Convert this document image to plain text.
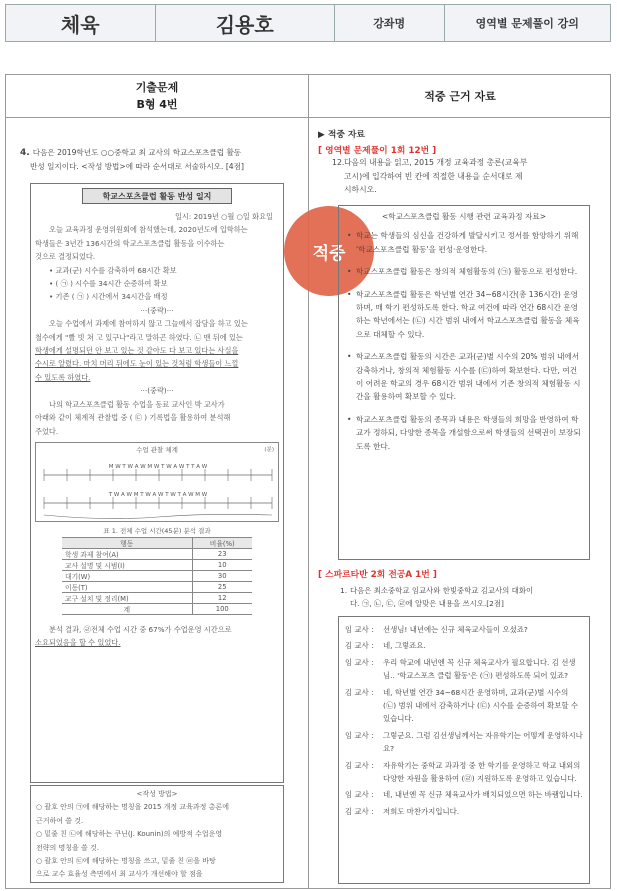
체육	김용호	강좌명	영역별 문제풀이 강의
기출문제
B형 4번
적중 근거 자료
4. 다음은 2019학년도 ○○중학교 최 교사의 학교스포츠클럽 활동
반성 일지이다. <작성 방법>에 따라 순서대로 서술하시오. [4점]
학교스포츠클럽 활동 반성 일지
일시: 2019년 ○월 ○일 화요일
오늘 교육과정 운영위원회에 참석했는데, 2020년도에 입학하는
학생들은 3년간 136시간의 학교스포츠클럽 활동을 이수하는
것으로 결정되었다.
• 교과(군) 시수를 감축하여 68시간 확보
• ( ㉠ ) 시수를 34시간 순증하여 확보
• 기존 ( ㉠ ) 시간에서 34시간을 배정
···(중략)···
오늘 수업에서 과제에 참여하지 않고 그늘에서 잡담을 하고 있는
철수에게 "빨 빗 쳐 고 있구나"라고 말하곤 하였다. ㉡ 맨 뒤에 있는
학생에게 설명되던 안 보고 있는 것 같아도 다 보고 있다는 사실을
수시로 알렸다. 마치 머리 뒤에도 눈이 있는 것처럼 학생들이 느낄
수 있도록 하였다.
···(중략)···
나의 학교스포츠클럽 활동 수업을 동료 교사인 박 교사가
아래와 같이 체계적 관찰법 중 ( ㉢ ) 기록법을 활용하여 분석해
주었다.
수업 관찰 체계	(분)
M W T W A W M W T W A W T T A W
T W A W M T W A W T W T A W M W
표 1. 전체 수업 시간(45분) 분석 결과
행동	비율(%)
학생 과제 참여(A)	23
교사 설명 및 시범(I)	10
대기(W)	30
이동(T)	25
교구 설치 및 정리(M)	12
계	100
분석 결과, ㉣전체 수업 시간 중 67%가 수업운영 시간으로
소요되었음을 할 수 있었다.
<작성 방법>
○ 괄호 안의 ㉠에 해당하는 명칭을 2015 개정 교육과정 총론에
근거하여 쓸 것.
○ 밑줄 친 ㉡에 해당하는 쿠닌(J. Kounin)의 예방적 수업운영
전략의 명칭을 쓸 것.
○ 괄호 안의 ㉢에 해당하는 명칭을 쓰고, 밑줄 친 ㉣을 바탕
으로 교수 효율성 측면에서 최 교사가 개선해야 할 점을
적중
▶ 적중 자료
[ 영역별 문제풀이 1회 12번 ]
12. 다음의 내용을 읽고, 2015 개정 교육과정 총론(교육부
고시)에 입각하여 빈 칸에 적절한 내용을 순서대로 제
시하시오.
<학교스포츠클럽 활동 시행 관련 교육과정 자료>
• 학교는 학생들의 심신을 건강하게 발달시키고 정서를 함양하기 위해 '학교스포츠클럽 활동'을 편성·운영한다.
• 학교스포츠클럽 활동은 창의적 체험활동의 (㉠) 활동으로 편성한다.
• 학교스포츠클럽 활동은 학년별 연간 34~68시간(총 136시간) 운영하며, 매 학기 편성하도록 한다. 학교 여건에 따라 연간 68시간 운영하는 학년에서는 (㉡) 시간 범위 내에서 학교스포츠클럽 활동을 체육으로 대체할 수 있다.
• 학교스포츠클럽 활동의 시간은 교과(군)별 시수의 20% 범위 내에서 감축하거나, 창의적 체험활동 시수를 (㉢)하여 확보한다. 다만, 여건이 어려운 학교의 경우 68시간 범위 내에서 기존 창의적 체험활동 시간을 활용하여 확보할 수 있다.
• 학교스포츠클럽 활동의 종목과 내용은 학생들의 희망을 반영하여 학교가 정하되, 다양한 종목을 개설함으로써 학생들의 선택권이 보장되도록 한다.
[ 스파르타반 2회 전공A 1번 ]
1. 다음은 최소중학교 임교사와 한빛중학교 김교사의 대화이
다. ㉠, ㉡, ㉢, ㉣에 알맞은 내용을 쓰시오.[2점]
임 교사 :	선생님! 내년에는 신규 체육교사들이 오셨죠?
김 교사 :	네, 그렇죠요.
임 교사 :	우리 학교에 내년엔 꼭 신규 체육교사가 필요합니다. 김 선생님.. '학교스포츠 클럽 활동'은 (㉠) 편성하도록 되어 있죠?
김 교사 :	네, 학년별 연간 34~68시간 운영하며, 교과(군)별 시수의 (㉡) 범위 내에서 감축하거나 (㉢) 시수를 순증하여 확보할 수 있습니다.
임 교사 :	그렇군요. 그럼 김선생님께서는 자유학기는 어떻게 운영하시나요?
김 교사 :	자유학기는 중학교 과과정 중 한 학기를 운영하고 학교 내외의 다양한 자원을 활용하여 (㉣) 지원하도록 운영하고 있습니다.
임 교사 :	네, 내년엔 꼭 신규 체육교사가 배치되었으면 하는 바램입니다.
김 교사 :	저희도 마찬가지입니다.
